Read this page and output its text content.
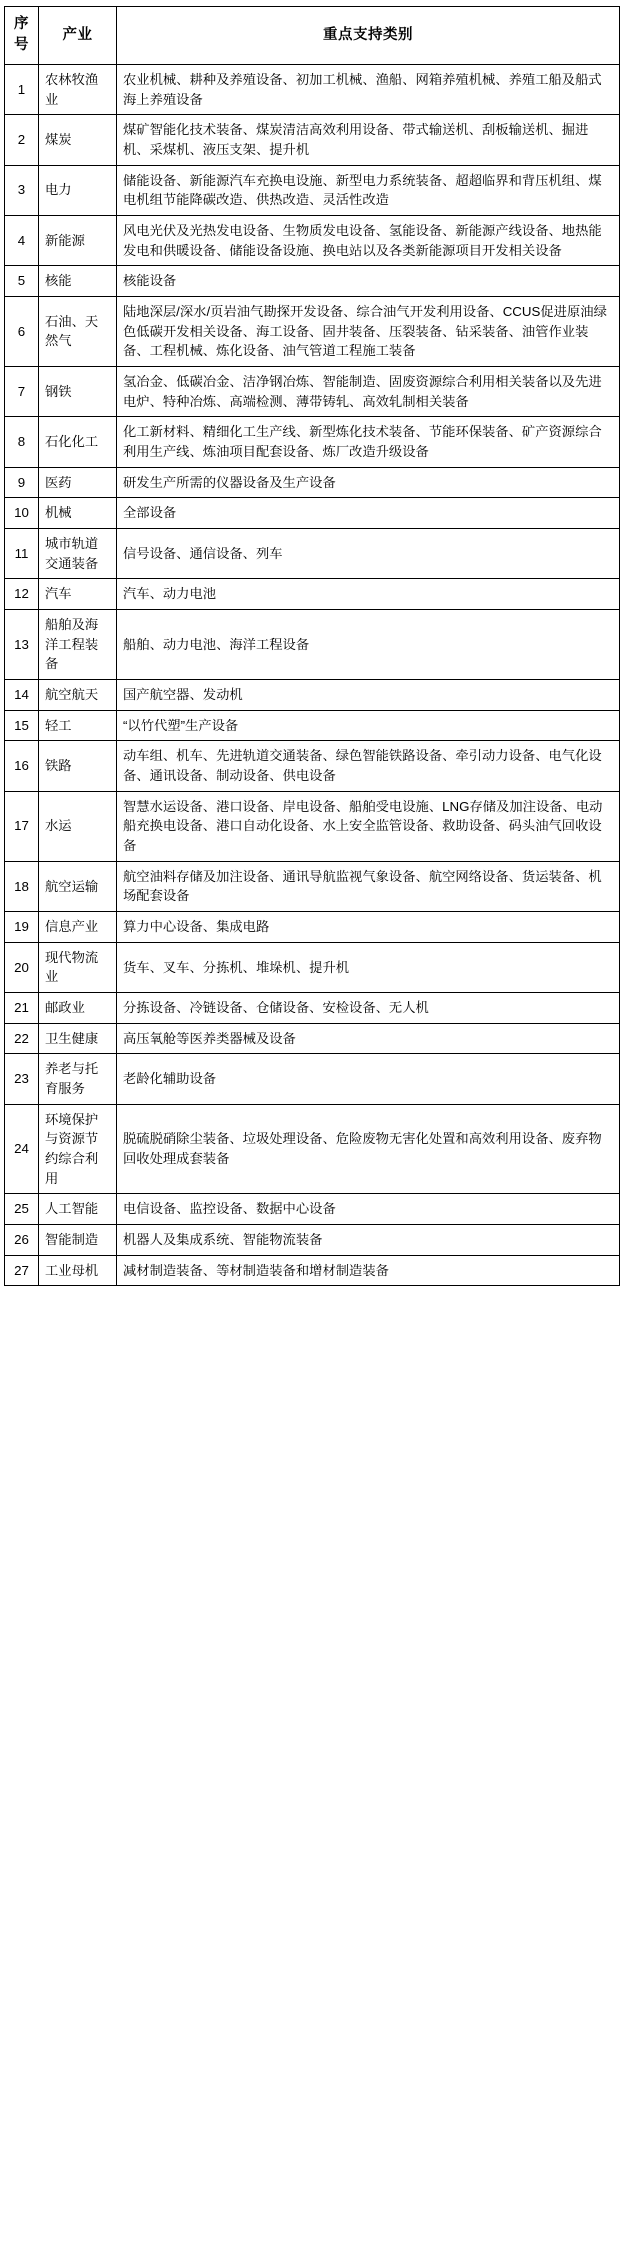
序号	产业	重点支持类别
1	农林牧渔业	农业机械、耕种及养殖设备、初加工机械、渔船、网箱养殖机械、养殖工船及船式海上养殖设备
2	煤炭	煤矿智能化技术装备、煤炭清洁高效利用设备、带式输送机、刮板输送机、掘进机、采煤机、液压支架、提升机
3	电力	储能设备、新能源汽车充换电设施、新型电力系统装备、超超临界和背压机组、煤电机组节能降碳改造、供热改造、灵活性改造
4	新能源	风电光伏及光热发电设备、生物质发电设备、氢能设备、新能源产线设备、地热能发电和供暖设备、储能设备设施、换电站以及各类新能源项目开发相关设备
5	核能	核能设备
6	石油、天然气	陆地深层/深水/页岩油气勘探开发设备、综合油气开发利用设备、CCUS促进原油绿色低碳开发相关设备、海工设备、固井装备、压裂装备、钻采装备、油管作业装备、工程机械、炼化设备、油气管道工程施工装备
7	钢铁	氢冶金、低碳冶金、洁净钢冶炼、智能制造、固废资源综合利用相关装备以及先进电炉、特种冶炼、高端检测、薄带铸轧、高效轧制相关装备
8	石化化工	化工新材料、精细化工生产线、新型炼化技术装备、节能环保装备、矿产资源综合利用生产线、炼油项目配套设备、炼厂改造升级设备
9	医药	研发生产所需的仪器设备及生产设备
10	机械	全部设备
11	城市轨道交通装备	信号设备、通信设备、列车
12	汽车	汽车、动力电池
13	船舶及海洋工程装备	船舶、动力电池、海洋工程设备
14	航空航天	国产航空器、发动机
15	轻工	“以竹代塑”生产设备
16	铁路	动车组、机车、先进轨道交通装备、绿色智能铁路设备、牵引动力设备、电气化设备、通讯设备、制动设备、供电设备
17	水运	智慧水运设备、港口设备、岸电设备、船舶受电设施、LNG存储及加注设备、电动船充换电设备、港口自动化设备、水上安全监管设备、救助设备、码头油气回收设备
18	航空运输	航空油料存储及加注设备、通讯导航监视气象设备、航空网络设备、货运装备、机场配套设备
19	信息产业	算力中心设备、集成电路
20	现代物流业	货车、叉车、分拣机、堆垛机、提升机
21	邮政业	分拣设备、冷链设备、仓储设备、安检设备、无人机
22	卫生健康	高压氧舱等医养类器械及设备
23	养老与托育服务	老龄化辅助设备
24	环境保护与资源节约综合利用	脱硫脱硝除尘装备、垃圾处理设备、危险废物无害化处置和高效利用设备、废弃物回收处理成套装备
25	人工智能	电信设备、监控设备、数据中心设备
26	智能制造	机器人及集成系统、智能物流装备
27	工业母机	减材制造装备、等材制造装备和增材制造装备
